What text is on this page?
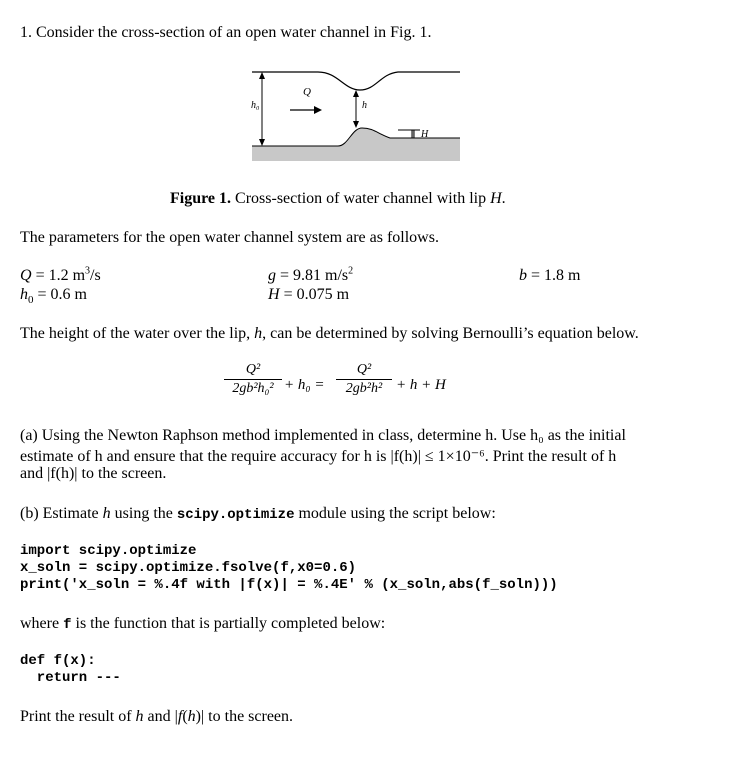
1. Consider the cross-section of an open water channel in Fig. 1.
h₀
Q
h
H
Figure 1. Cross-section of water channel with lip H.
The parameters for the open water channel system are as follows.
Q = 1.2 $m^3/s$
$h_0 = 0.6$ m
g = 9.81 $m/s^2$
H = 0.075 m
b = 1.8 m
The height of the water over the lip, h, can be determined by solving Bernoulli’s equation below.
Q²
2gb²h₀² + h₀ =
Q²
2gb²h² + h + H
(a) Using the Newton Raphson method implemented in class, determine h. Use h₀ as the initial
estimate of h and ensure that the require accuracy for h is |f(h)| ≤ 1×10⁻⁶. Print the result of h
and |f(h)| to the screen.
(b) Estimate h using the scipy.optimize module using the script below:
import scipy.optimize
x_soln = scipy.optimize.fsolve(f,x0=0.6)
print('x_soln = %.4f with |f(x)| = %.4E' % (x_soln,abs(f_soln)))
where f is the function that is partially completed below:
def f(x):
return ---
Print the result of h and |f(h)| to the screen.
